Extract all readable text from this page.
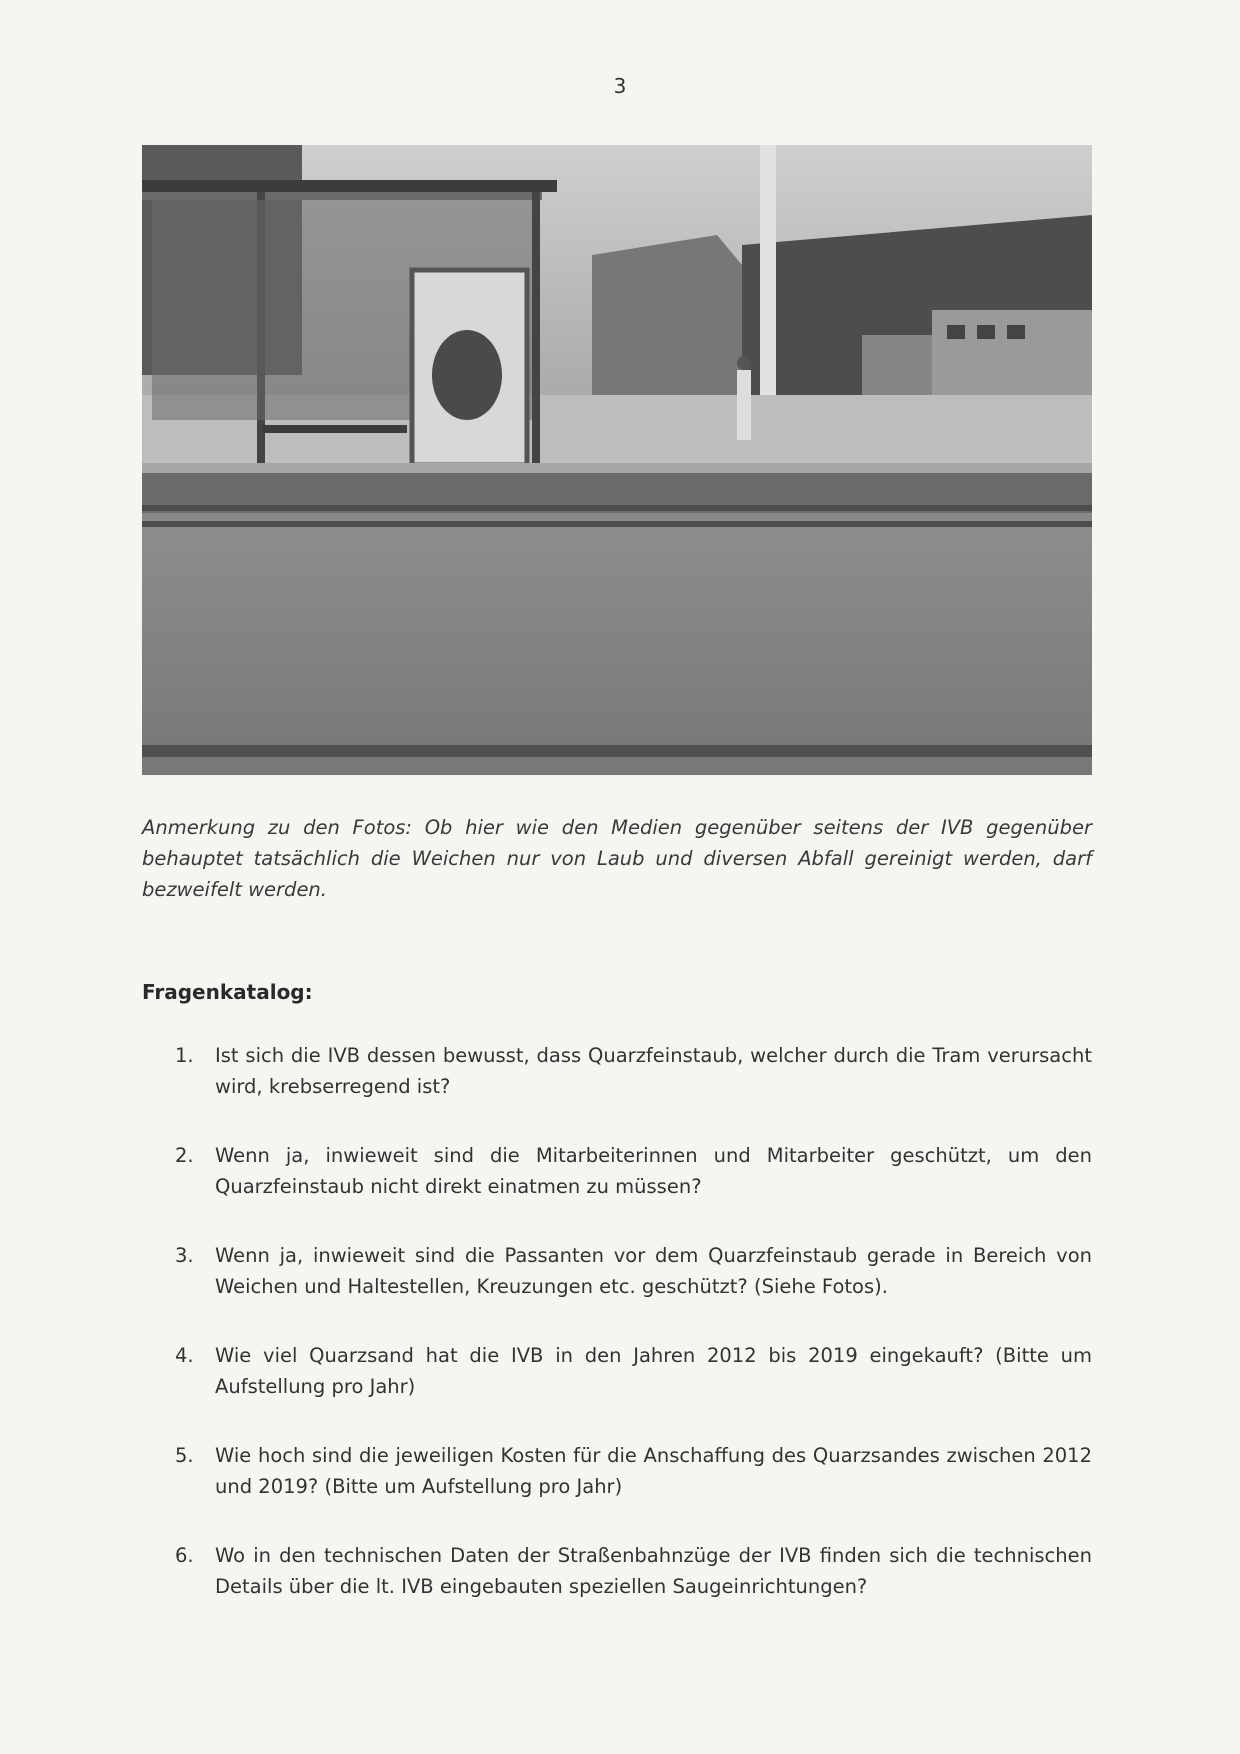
3
Anmerkung zu den Fotos: Ob hier wie den Medien gegenüber seitens der IVB gegenüber behauptet tatsächlich die Weichen nur von Laub und diversen Abfall gereinigt werden, darf bezweifelt werden.
Fragenkatalog:
1.	Ist sich die IVB dessen bewusst, dass Quarzfeinstaub, welcher durch die Tram verursacht wird, krebserregend ist?
2.	Wenn ja, inwieweit sind die Mitarbeiterinnen und Mitarbeiter geschützt, um den Quarzfeinstaub nicht direkt einatmen zu müssen?
3.	Wenn ja, inwieweit sind die Passanten vor dem Quarzfeinstaub gerade in Bereich von Weichen und Haltestellen, Kreuzungen etc. geschützt? (Siehe Fotos).
4.	Wie viel Quarzsand hat die IVB in den Jahren 2012 bis 2019 eingekauft? (Bitte um Aufstellung pro Jahr)
5.	Wie hoch sind die jeweiligen Kosten für die Anschaffung des Quarzsandes zwischen 2012 und 2019? (Bitte um Aufstellung pro Jahr)
6.	Wo in den technischen Daten der Straßenbahnzüge der IVB finden sich die technischen Details über die lt. IVB eingebauten speziellen Saugeinrichtungen?
